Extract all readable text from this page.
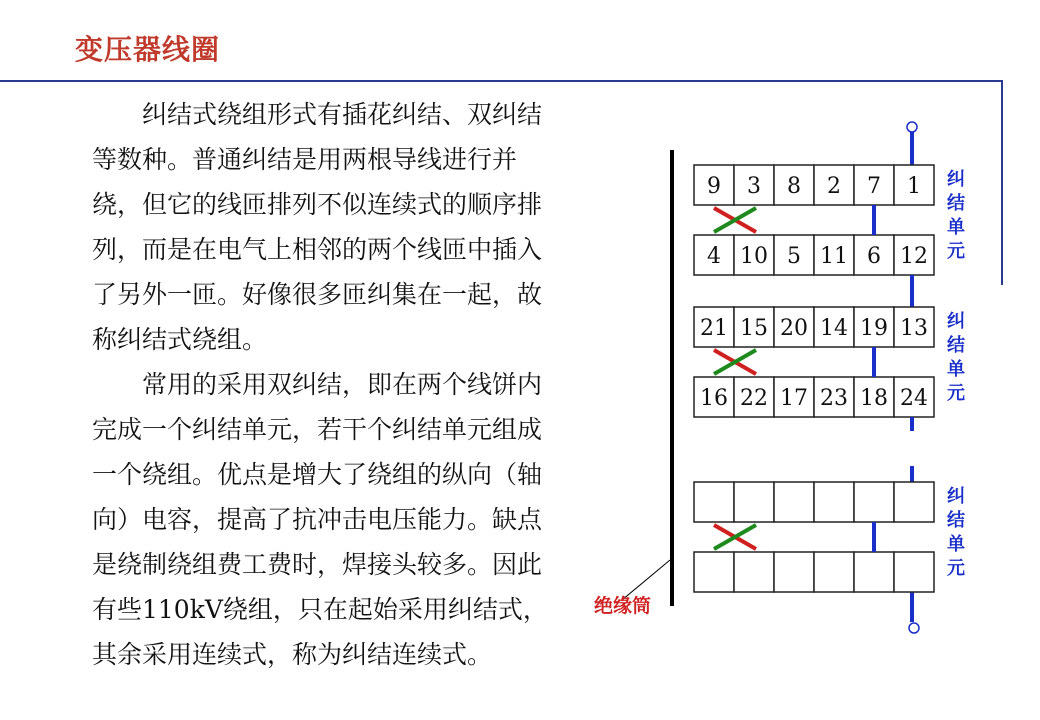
变压器线圈

纠结式绕组形式有插花纠结、双纠结等数种。普通纠结是用两根导线进行并绕，但它的线匝排列不似连续式的顺序排列，而是在电气上相邻的两个线匝中插入了另外一匝。好像很多匝纠集在一起，故称纠结式绕组。

常用的采用双纠结，即在两个线饼内完成一个纠结单元，若干个纠结单元组成一个绕组。优点是增大了绕组的纵向（轴向）电容，提高了抗冲击电压能力。缺点是绕制绕组费工费时，焊接头较多。因此有些110kV绕组，只在起始采用纠结式，其余采用连续式，称为纠结连续式。

绝缘筒
9 3 8 2 7 1
4 10 5 11 6 12
纠结单元
21 15 20 14 19 13
16 22 17 23 18 24
纠结单元
纠结单元
